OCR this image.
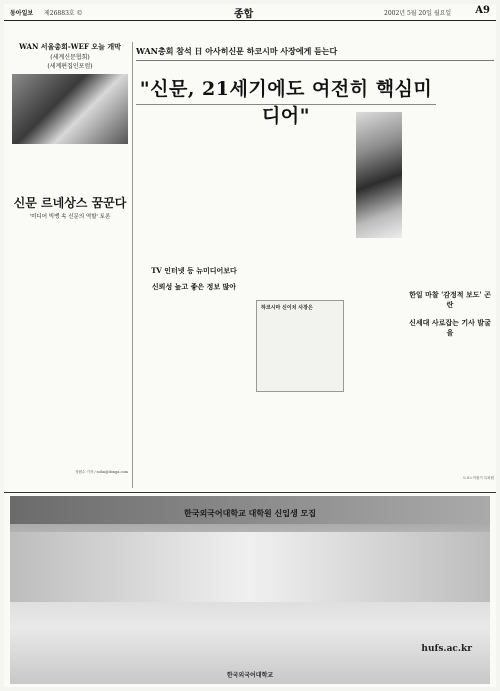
동아일보 제26883호 ©	종합	2002년 5월 20일 월요일 A9
WAN 서울총회-WEF 오늘 개막
(세계신문협회)
(세계편집인포럼)
신문 르네상스 꿈꾼다
'미디어 빅뱅 속 신문의 역할' 토론
정원수 기자 / sohn@donga.com
WAN총회 참석 日 아사히신문 하코시마 사장에게 듣는다
"신문, 21세기에도 여전히 핵심미디어"
TV 인터넷 등 뉴미디어보다
신뢰성 높고 좋은 정보 많아
하코시마 신이치 사장은
한일 마찰 '감정적 보도' 곤란
신세대 사로잡는 기사 발굴을
도쿄=이원기 특파원
한국외국어대학교 대학원 신입생 모집
hufs.ac.kr
한국외국어대학교
